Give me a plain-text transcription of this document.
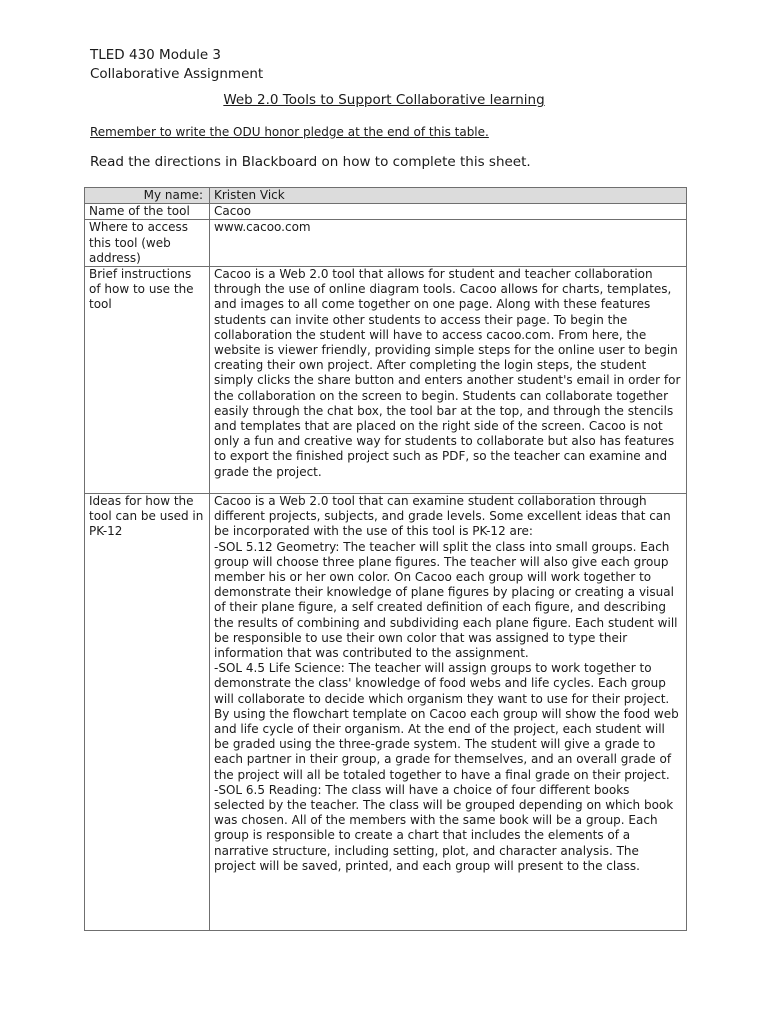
TLED 430 Module 3

Collaborative Assignment

Web 2.0 Tools to Support Collaborative learning

Remember to write the ODU honor pledge at the end of this table.

Read the directions in Blackboard on how to complete this sheet.

My name:	Kristen Vick
Name of the tool	Cacoo
Where to access this tool (web address)	www.cacoo.com
Brief instructions of how to use the tool	Cacoo is a Web 2.0 tool that allows for student and teacher collaboration through the use of online diagram tools. Cacoo allows for charts, templates, and images to all come together on one page. Along with these features students can invite other students to access their page. To begin the collaboration the student will have to access cacoo.com. From here, the website is viewer friendly, providing simple steps for the online user to begin creating their own project. After completing the login steps, the student simply clicks the share button and enters another student's email in order for the collaboration on the screen to begin. Students can collaborate together easily through the chat box, the tool bar at the top, and through the stencils and templates that are placed on the right side of the screen. Cacoo is not only a fun and creative way for students to collaborate but also has features to export the finished project such as PDF, so the teacher can examine and grade the project.

Ideas for how the tool can be used in PK-12	Cacoo is a Web 2.0 tool that can examine student collaboration through different projects, subjects, and grade levels. Some excellent ideas that can be incorporated with the use of this tool is PK-12 are:
-SOL 5.12 Geometry: The teacher will split the class into small groups. Each group will choose three plane figures. The teacher will also give each group member his or her own color. On Cacoo each group will work together to demonstrate their knowledge of plane figures by placing or creating a visual of their plane figure, a self created definition of each figure, and describing the results of combining and subdividing each plane figure. Each student will be responsible to use their own color that was assigned to type their information that was contributed to the assignment.
-SOL 4.5 Life Science: The teacher will assign groups to work together to demonstrate the class' knowledge of food webs and life cycles. Each group will collaborate to decide which organism they want to use for their project. By using the flowchart template on Cacoo each group will show the food web and life cycle of their organism. At the end of the project, each student will be graded using the three-grade system. The student will give a grade to each partner in their group, a grade for themselves, and an overall grade of the project will all be totaled together to have a final grade on their project.
-SOL 6.5 Reading: The class will have a choice of four different books selected by the teacher. The class will be grouped depending on which book was chosen. All of the members with the same book will be a group. Each group is responsible to create a chart that includes the elements of a narrative structure, including setting, plot, and character analysis. The project will be saved, printed, and each group will present to the class.
